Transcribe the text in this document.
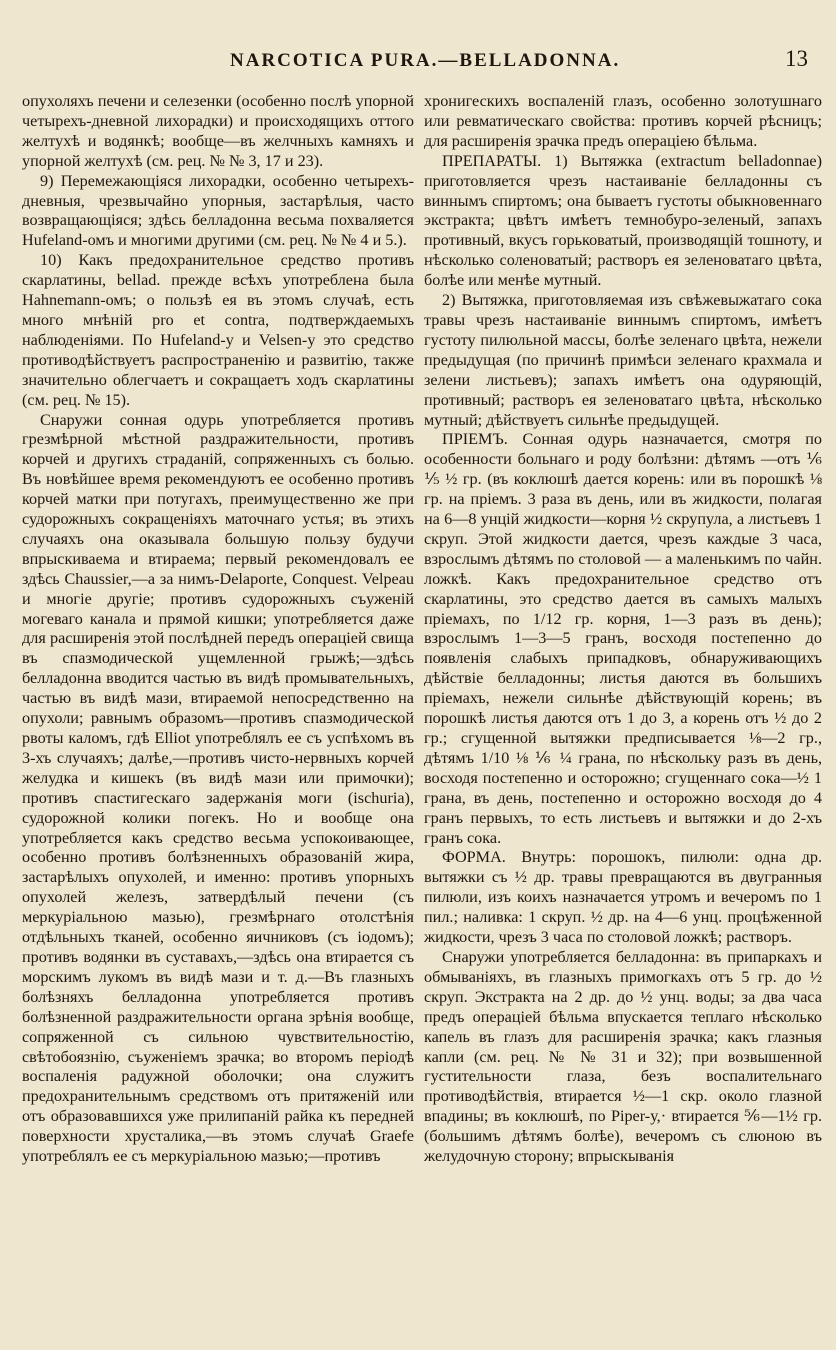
NARCOTICA PURA.—BELLADONNA.	13

опухоляхъ печени и селезенки (особенно послѣ упорной четырехъ-дневной лихорадки) и происходящихъ оттого желтухѣ и водянкѣ; вообще—въ желчныхъ камняхъ и упорной желтухѣ (см. рец. № № 3, 17 и 23).

9) Перемежающіяся лихорадки, особенно четырехъ-дневныя, чрезвычайно упорныя, застарѣлыя, часто возвращающіяся; здѣсь белладонна весьма похваляется Hufeland-омъ и многими другими (см. рец. № № 4 и 5.).

10) Какъ предохранительное средство противъ скарлатины, bellad. прежде всѣхъ употреблена была Hahnemann-омъ; о пользѣ ея въ этомъ случаѣ, есть много мнѣній pro et contra, подтверждаемыхъ наблюденіями. По Hufeland-у и Velsen-у это средство противодѣйствуетъ распространенію и развитію, также значительно облегчаетъ и сокращаетъ ходъ скарлатины (см. рец. № 15).

Снаружи сонная одурь употребляется противъ грезмѣрной мѣстной раздражительности, противъ корчей и другихъ страданій, сопряженныхъ съ болью. Въ новѣйшее время рекомендуютъ ее особенно противъ корчей матки при потугахъ, преимущественно же при судорожныхъ сокращеніяхъ маточнаго устья; въ этихъ случаяхъ она оказывала большую пользу будучи впрыскиваема и втираема; первый рекомендовалъ ее здѣсь Chaussier,—а за нимъ-Delaporte, Conquest. Velpeau и многіе другіе; противъ судорожныхъ съуженій могеваго канала и прямой кишки; употребляется даже для расширенія этой послѣдней передъ операціей свища въ спазмодической ущемленной грыжѣ;—здѣсь белладонна вводится частью въ видѣ промывательныхъ, частью въ видѣ мази, втираемой непосредственно на опухоли; равнымъ образомъ—противъ спазмодической рвоты каломъ, гдѣ Elliot употреблялъ ее съ успѣхомъ въ 3-хъ случаяхъ; далѣе,—противъ чисто-нервныхъ корчей желудка и кишекъ (въ видѣ мази или примочки); противъ спастигескаго задержанія моги (ischuria), судорожной колики погекъ. Но и вообще она употребляется какъ средство весьма успокоивающее, особенно противъ болѣзненныхъ образованій жира, застарѣлыхъ опухолей, и именно: противъ упорныхъ опухолей железъ, затвердѣлый печени (съ меркуріальною мазью), грезмѣрнаго отолстѣнія отдѣльныхъ тканей, особенно яичниковъ (съ іодомъ); противъ водянки въ суставахъ,—здѣсь она втирается съ морскимъ лукомъ въ видѣ мази и т. д.—Въ глазныхъ болѣзняхъ белладонна употребляется противъ болѣзненной раздражительности органа зрѣнія вообще, сопряженной съ сильною чувствительностію, свѣтобоязнію, съуженіемъ зрачка; во второмъ періодѣ воспаленія радужной оболочки; она служитъ предохранительнымъ средствомъ отъ притяженій или отъ образовавшихся уже прилипаній райка къ передней поверхности хрусталика,—въ этомъ случаѣ Graefe употреблялъ ее съ меркуріальною мазью;—противъ

хронигескихъ воспаленій глазъ, особенно золотушнаго или ревматическаго свойства: противъ корчей рѣсницъ; для расширенія зрачка предъ операціею бѣльма.

ПРЕПАРАТЫ. 1) Вытяжка (extractum belladonnae) приготовляется чрезъ настаиваніе белладонны съ виннымъ спиртомъ; она бываетъ густоты обыкновеннаго экстракта; цвѣтъ имѣетъ темнобуро-зеленый, запахъ противный, вкусъ горьковатый, производящій тошноту, и нѣсколько соленоватый; растворъ ея зеленоватаго цвѣта, болѣе или менѣе мутный.

2) Вытяжка, приготовляемая изъ свѣжевыжатаго сока травы чрезъ настаиваніе виннымъ спиртомъ, имѣетъ густоту пилюльной массы, болѣе зеленаго цвѣта, нежели предыдущая (по причинѣ примѣси зеленаго крахмала и зелени листьевъ); запахъ имѣетъ она одуряющій, противный; растворъ ея зеленоватаго цвѣта, нѣсколько мутный; дѣйствуетъ сильнѣе предыдущей.

ПРІЕМЪ. Сонная одурь назначается, смотря по особенности больнаго и роду болѣзни: дѣтямъ —отъ ⅙ ⅕ ½ гр. (въ коклюшѣ дается корень: или въ порошкѣ ⅛ гр. на пріемъ. 3 раза въ день, или въ жидкости, полагая на 6—8 унцій жидкости—корня ½ скрупула, а листьевъ 1 скруп. Этой жидкости дается, чрезъ каждые 3 часа, взрослымъ дѣтямъ по столовой — а маленькимъ по чайн. ложкѣ. Какъ предохранительное средство отъ скарлатины, это средство дается въ самыхъ малыхъ пріемахъ, по 1/12 гр. корня, 1—3 разъ въ день); взрослымъ 1—3—5 гранъ, восходя постепенно до появленія слабыхъ припадковъ, обнаруживающихъ дѣйствіе белладонны; листья даются въ большихъ пріемахъ, нежели сильнѣе дѣйствующій корень; въ порошкѣ листья даются отъ 1 до 3, а корень отъ ½ до 2 гр.; сгущенной вытяжки предписывается ⅛—2 гр., дѣтямъ 1/10 ⅛ ⅙ ¼ грана, по нѣскольку разъ въ день, восходя постепенно и осторожно; сгущеннаго сока—½ 1 грана, въ день, постепенно и осторожно восходя до 4 гранъ первыхъ, то есть листьевъ и вытяжки и до 2-хъ гранъ сока.

ФОРМА. Внутрь: порошокъ, пилюли: одна др. вытяжки съ ½ др. травы превращаются въ двугранныя пилюли, изъ коихъ назначается утромъ и вечеромъ по 1 пил.; наливка: 1 скруп. ½ др. на 4—6 унц. процѣженной жидкости, чрезъ 3 часа по столовой ложкѣ; растворъ.

Снаружи употребляется белладонна: въ припаркахъ и обмываніяхъ, въ глазныхъ примогкахъ отъ 5 гр. до ½ скруп. Экстракта на 2 др. до ½ унц. воды; за два часа предъ операціей бѣльма впускается теплаго нѣсколько капель въ глазъ для расширенія зрачка; какъ глазныя капли (см. рец. № № 31 и 32); при возвышенной густительности глаза, безъ воспалительнаго противодѣйствія, втирается ½—1 скр. около глазной впадины; въ коклюшѣ, по Piper-у,· втирается ⅚—1½ гр. (большимъ дѣтямъ болѣе), вечеромъ съ слюною въ желудочную сторону; впрыскыванія
